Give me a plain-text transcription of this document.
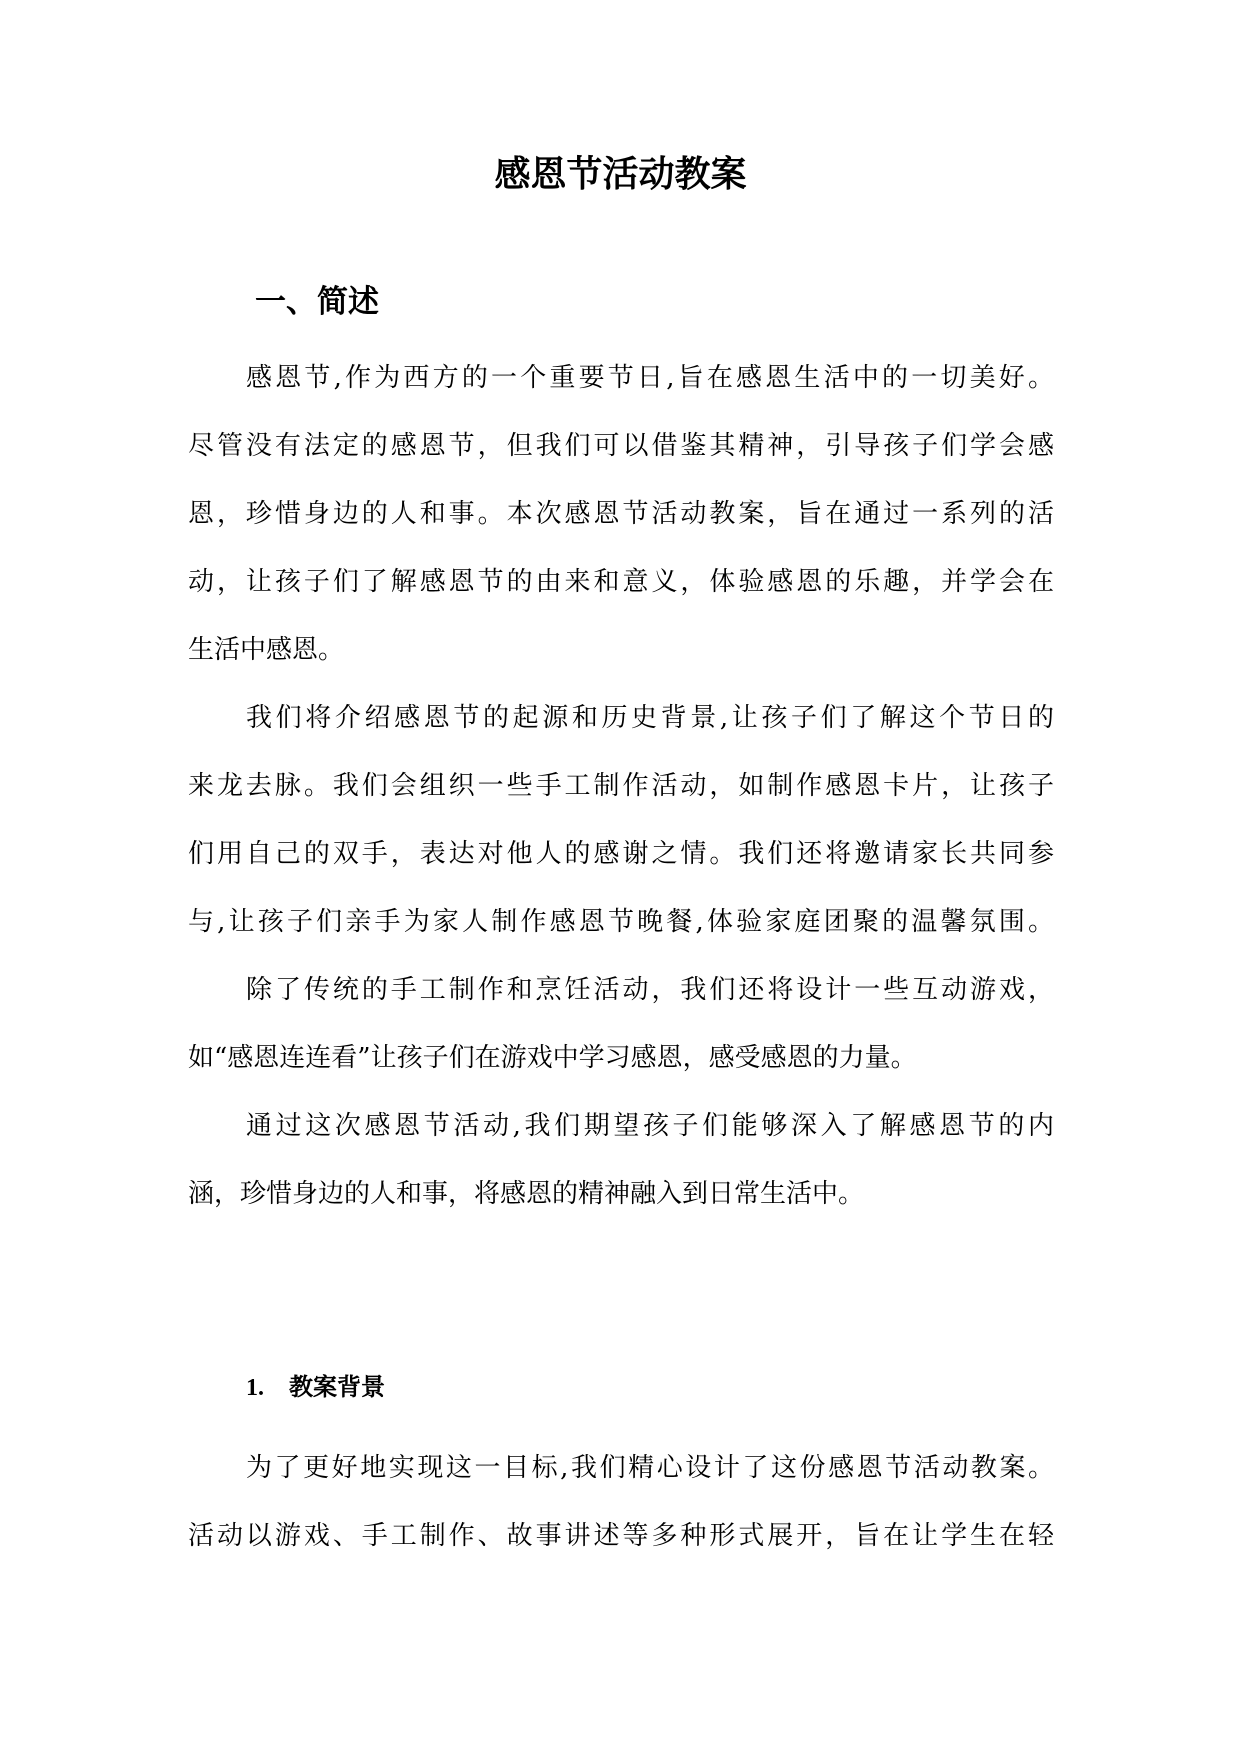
感恩节活动教案
一、简述

感恩节,作为西方的一个重要节日,旨在感恩生活中的一切美好。

尽管没有法定的感恩节，但我们可以借鉴其精神，引导孩子们学会感

恩，珍惜身边的人和事。本次感恩节活动教案，旨在通过一系列的活

动，让孩子们了解感恩节的由来和意义，体验感恩的乐趣，并学会在

生活中感恩。

我们将介绍感恩节的起源和历史背景,让孩子们了解这个节日的

来龙去脉。我们会组织一些手工制作活动，如制作感恩卡片，让孩子

们用自己的双手，表达对他人的感谢之情。我们还将邀请家长共同参

与,让孩子们亲手为家人制作感恩节晚餐,体验家庭团聚的温馨氛围。

除了传统的手工制作和烹饪活动，我们还将设计一些互动游戏，

如“感恩连连看”让孩子们在游戏中学习感恩，感受感恩的力量。

通过这次感恩节活动,我们期望孩子们能够深入了解感恩节的内

涵，珍惜身边的人和事，将感恩的精神融入到日常生活中。

1. 教案背景

为了更好地实现这一目标,我们精心设计了这份感恩节活动教案。

活动以游戏、手工制作、故事讲述等多种形式展开，旨在让学生在轻
